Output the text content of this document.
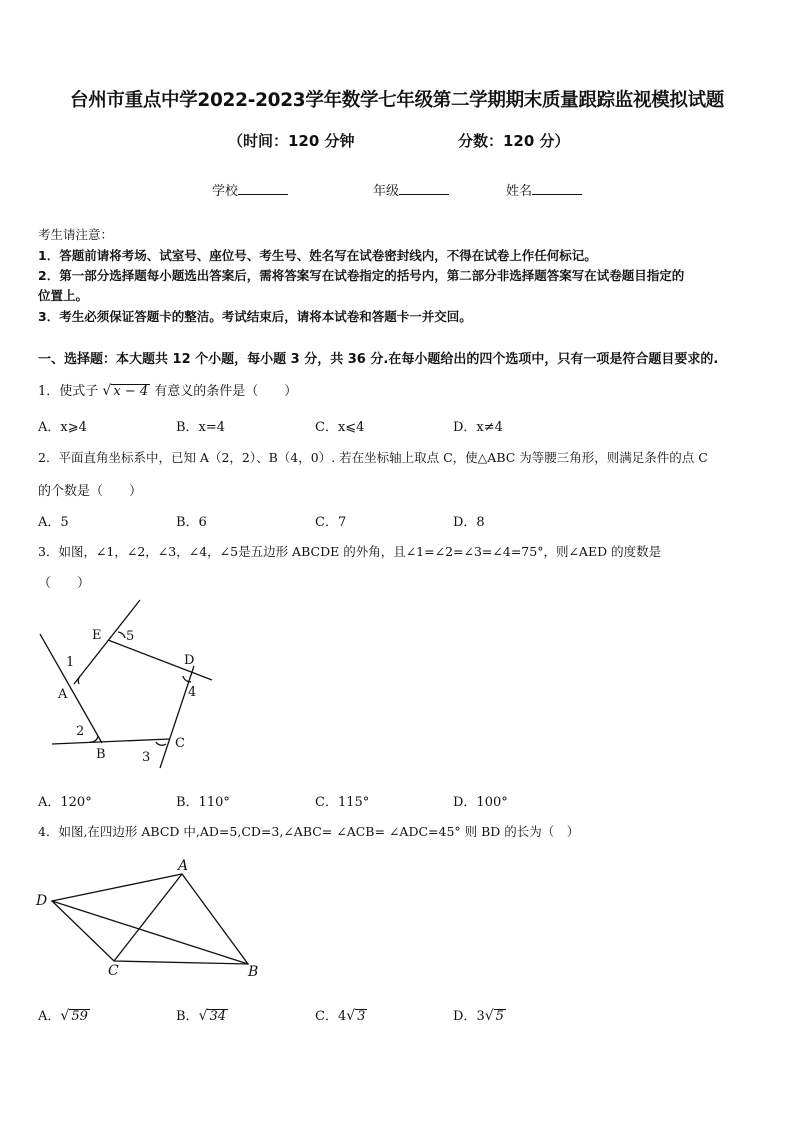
台州市重点中学2022-2023学年数学七年级第二学期期末质量跟踪监视模拟试题
（时间：120 分钟	分数：120 分）
学校	年级	姓名
考生请注意：
1．答题前请将考场、试室号、座位号、考生号、姓名写在试卷密封线内，不得在试卷上作任何标记。
2．第一部分选择题每小题选出答案后，需将答案写在试卷指定的括号内，第二部分非选择题答案写在试卷题目指定的
位置上。
3．考生必须保证答题卡的整洁。考试结束后，请将本试卷和答题卡一并交回。
一、选择题：本大题共 12 个小题，每小题 3 分，共 36 分.在每小题给出的四个选项中，只有一项是符合题目要求的.
1．使式子 √ x − 4 有意义的条件是（　　）
A．x⩾4	B．x=4	C．x⩽4	D．x≠4
2．平面直角坐标系中，已知 A（2，2）、B（4，0）. 若在坐标轴上取点 C，使△ABC 为等腰三角形，则满足条件的点 C
的个数是（　　）
A．5	B．6	C．7	D．8
3．如图，∠1，∠2，∠3，∠4，∠5是五边形 ABCDE 的外角，且∠1=∠2=∠3=∠4=75°，则∠AED 的度数是
（　　）
E
D
A
B
C
1
2
3
4
5
A．120°	B．110°	C．115°	D．100°
4．如图,在四边形 ABCD 中,AD=5,CD=3,∠ABC= ∠ACB= ∠ADC=45° 则 BD 的长为（　）
A
B
C
D
A．√ 59	B．√ 34	C．4√ 3	D．3√ 5
